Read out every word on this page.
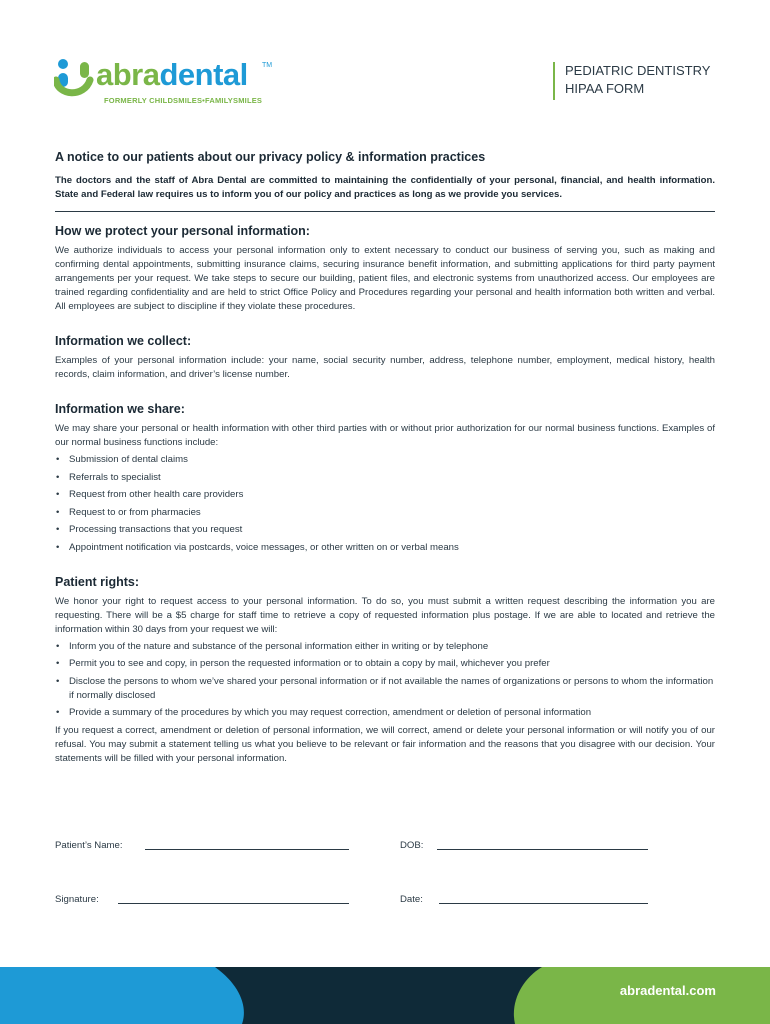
abradental TM
FORMERLY CHILDSMILES•FAMILYSMILES
PEDIATRIC DENTISTRY
HIPAA FORM
A notice to our patients about our privacy policy & information practices

The doctors and the staff of Abra Dental are committed to maintaining the confidentially of your personal, financial, and health information. State and Federal law requires us to inform you of our policy and practices as long as we provide you services.

How we protect your personal information:

We authorize individuals to access your personal information only to extent necessary to conduct our business of serving you, such as making and confirming dental appointments, submitting insurance claims, securing insurance benefit information, and submitting applications for third party payment arrangements per your request. We take steps to secure our building, patient files, and electronic systems from unauthorized access. Our employees are trained regarding confidentiality and are held to strict Office Policy and Procedures regarding your personal and health information both written and verbal. All employees are subject to discipline if they violate these procedures.

Information we collect:

Examples of your personal information include: your name, social security number, address, telephone number, employment, medical history, health records, claim information, and driver’s license number.

Information we share:

We may share your personal or health information with other third parties with or without prior authorization for our normal business functions. Examples of our normal business functions include:

• Submission of dental claims
• Referrals to specialist
• Request from other health care providers
• Request to or from pharmacies
• Processing transactions that you request
• Appointment notification via postcards, voice messages, or other written on or verbal means
Patient rights:

We honor your right to request access to your personal information. To do so, you must submit a written request describing the information you are requesting. There will be a $5 charge for staff time to retrieve a copy of requested information plus postage. If we are able to located and retrieve the information within 30 days from your request we will:

• Inform you of the nature and substance of the personal information either in writing or by telephone
• Permit you to see and copy, in person the requested information or to obtain a copy by mail, whichever you prefer
• Disclose the persons to whom we’ve shared your personal information or if not available the names of organizations or persons to whom the information if normally disclosed
• Provide a summary of the procedures by which you may request correction, amendment or deletion of personal information

If you request a correct, amendment or deletion of personal information, we will correct, amend or delete your personal information or will notify you of our refusal. You may submit a statement telling us what you believe to be relevant or fair information and the reasons that you disagree with our decision. Your statements will be filled with your personal information.

Patient’s Name:	DOB:
Signature:	Date:
abradental.com
